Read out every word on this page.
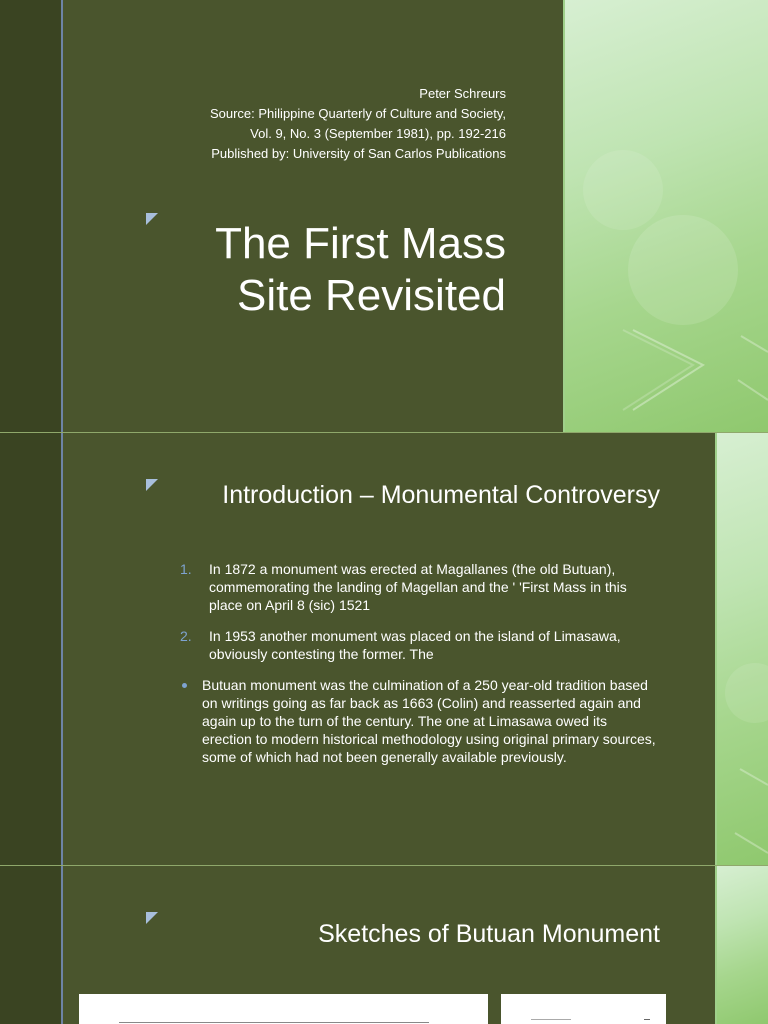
Peter Schreurs
Source: Philippine Quarterly of Culture and Society,
Vol. 9, No. 3 (September 1981), pp. 192-216
Published by: University of San Carlos Publications
The First Mass
Site Revisited
Introduction – Monumental Controversy
1. In 1872 a monument was erected at Magallanes (the old Butuan), commemorating the landing of Magellan and the ' 'First Mass in this place on April 8 (sic) 1521
2. In 1953 another monument was placed on the island of Limasawa, obviously contesting the former. The
Butuan monument was the culmination of a 250 year-old tradition based on writings going as far back as 1663 (Colin) and reasserted again and again up to the turn of the century. The one at Limasawa owed its erection to modern historical methodology using original primary sources, some of which had not been generally available previously.
Sketches of Butuan Monument
